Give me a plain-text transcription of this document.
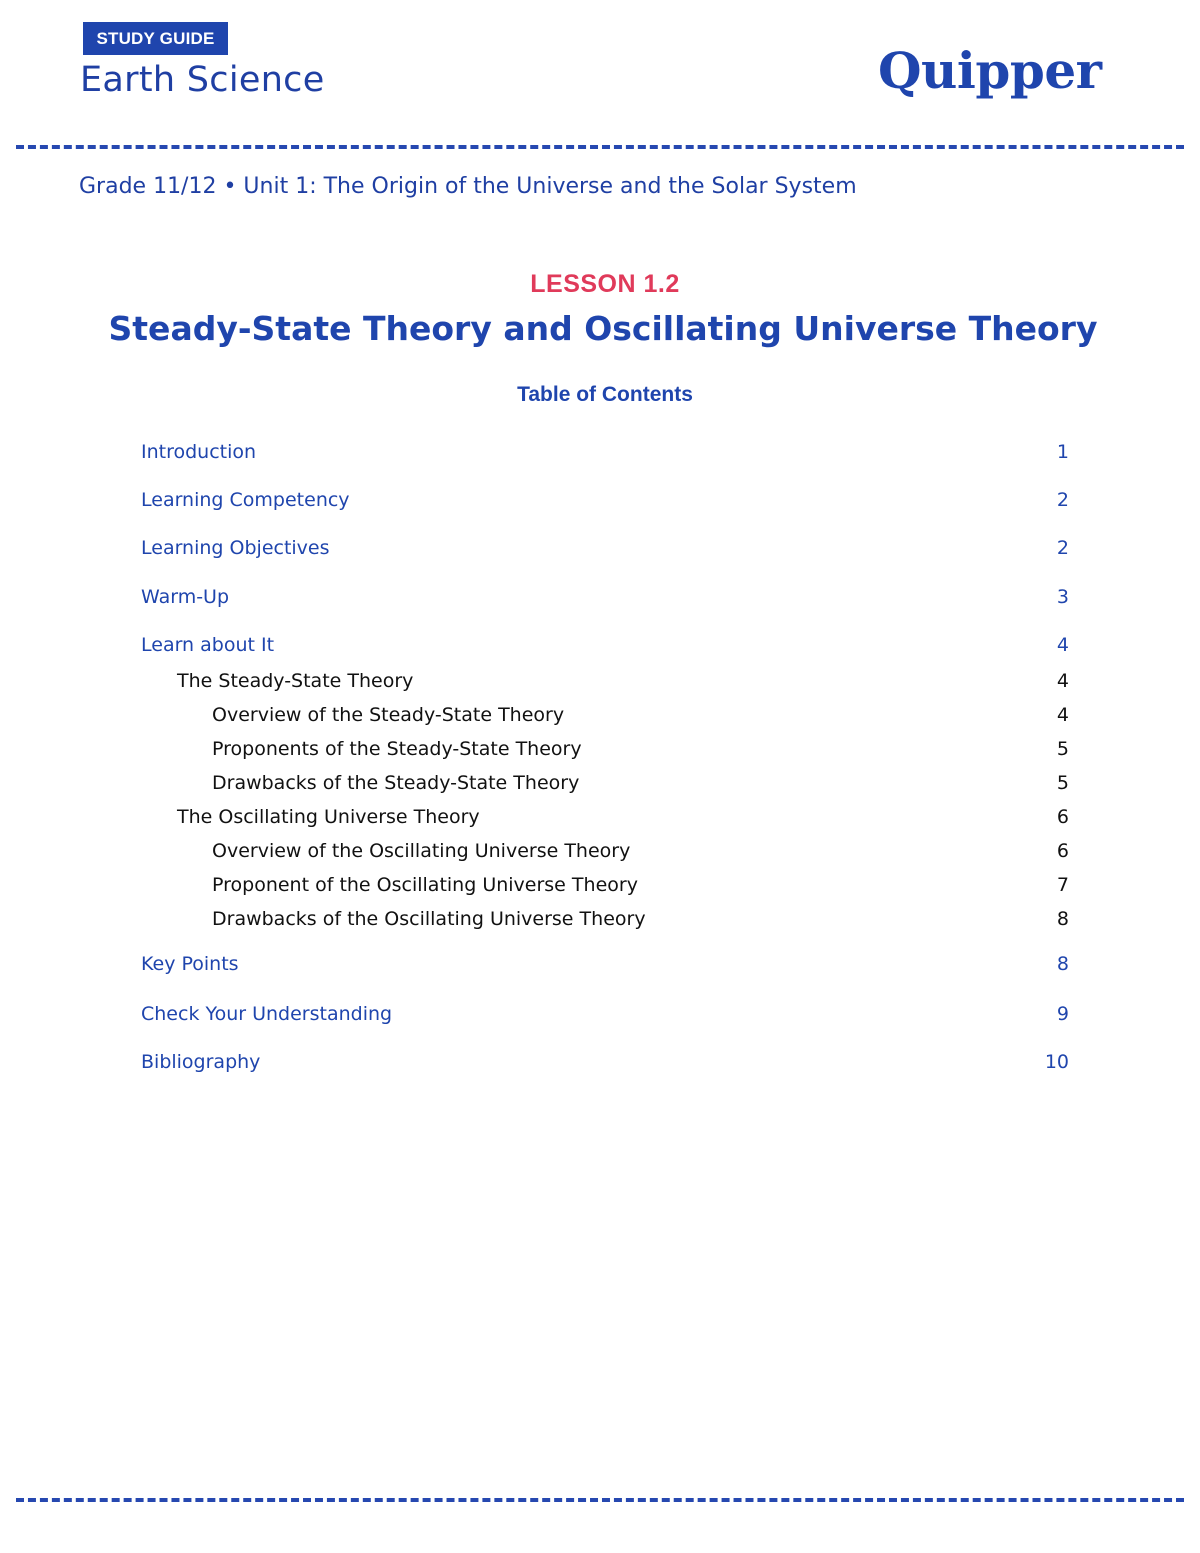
STUDY GUIDE
Earth Science	Quipper
Grade 11/12 • Unit 1: The Origin of the Universe and the Solar System
LESSON 1.2
Steady-State Theory and Oscillating Universe Theory
Table of Contents
Introduction	1
Learning Competency	2
Learning Objectives	2
Warm-Up	3
Learn about It	4
The Steady-State Theory	4
Overview of the Steady-State Theory	4
Proponents of the Steady-State Theory	5
Drawbacks of the Steady-State Theory	5
The Oscillating Universe Theory	6
Overview of the Oscillating Universe Theory	6
Proponent of the Oscillating Universe Theory	7
Drawbacks of the Oscillating Universe Theory	8
Key Points	8
Check Your Understanding	9
Bibliography	10
